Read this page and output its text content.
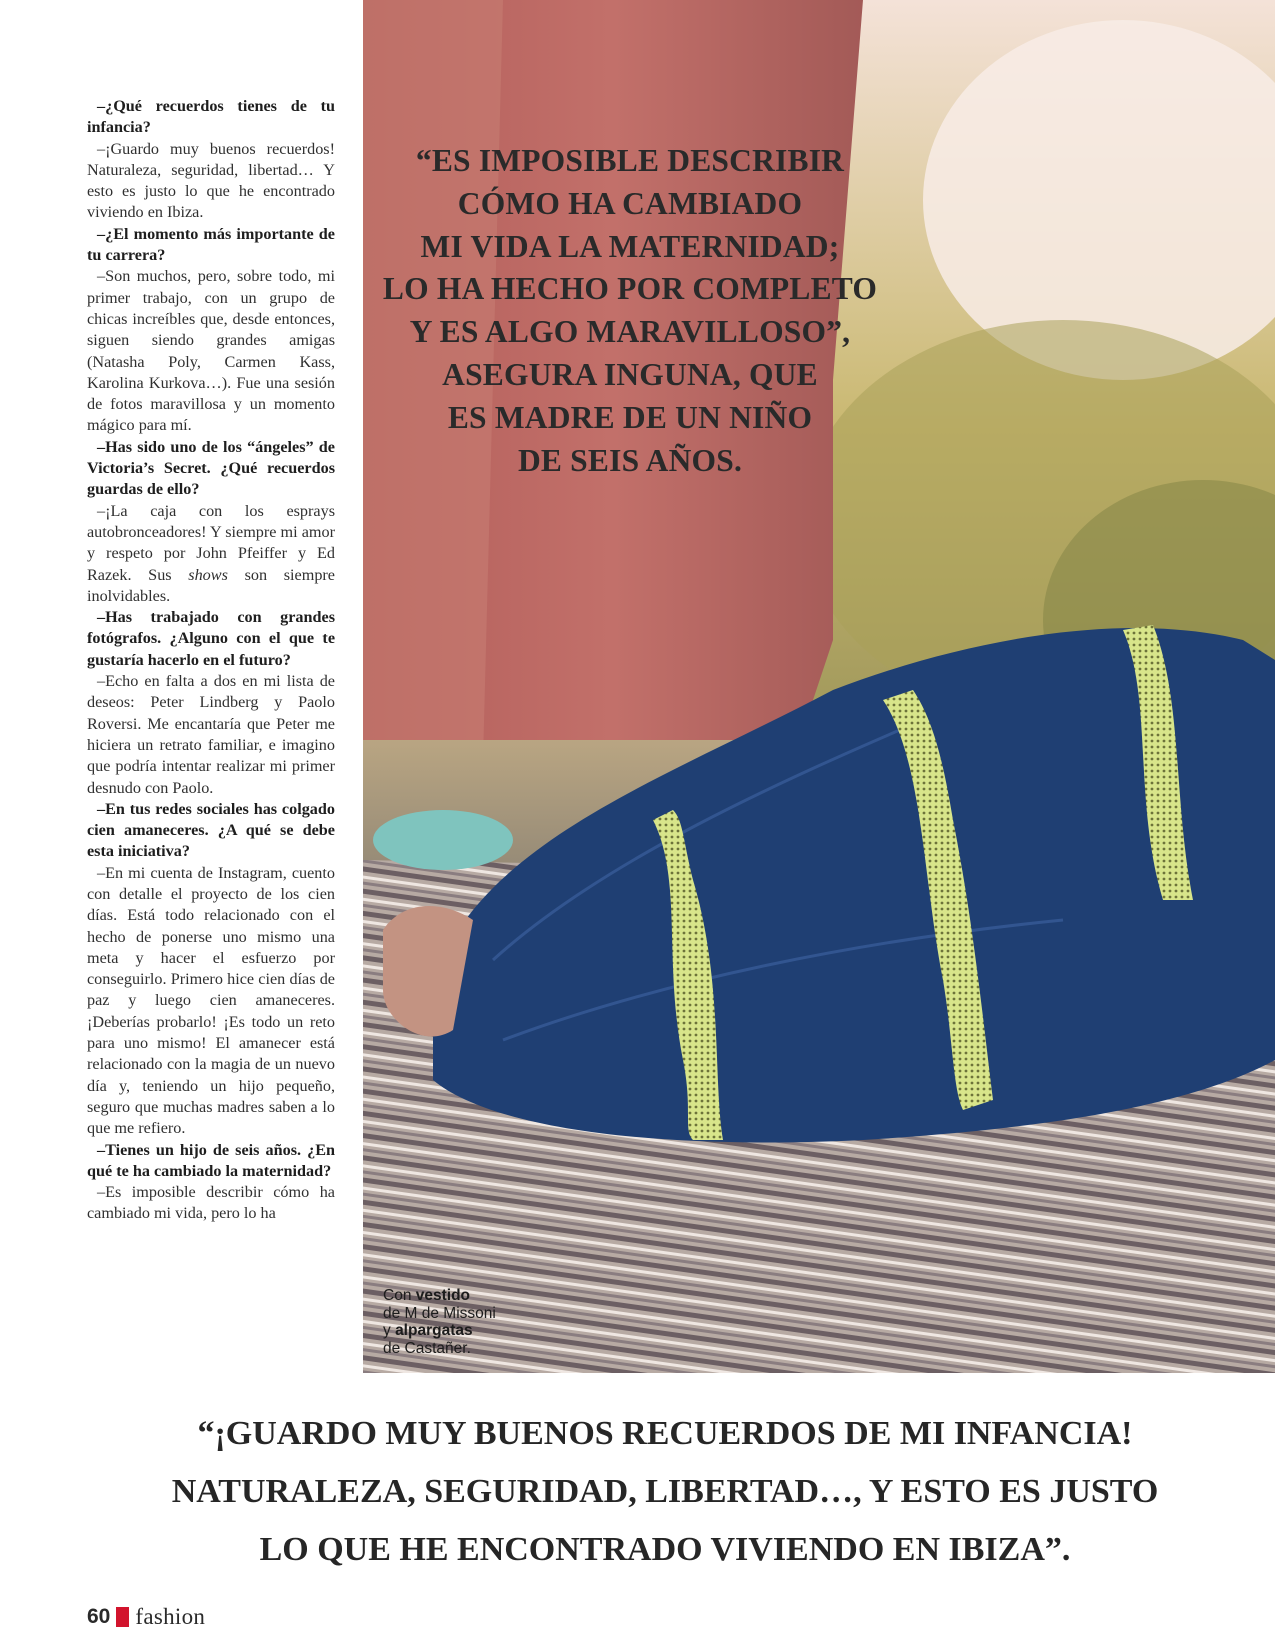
–¿Qué recuerdos tienes de tu infancia?

–¡Guardo muy buenos recuerdos! Naturaleza, seguridad, libertad… Y esto es justo lo que he encontrado viviendo en Ibiza.

–¿El momento más importante de tu carrera?

–Son muchos, pero, sobre todo, mi primer trabajo, con un grupo de chicas increíbles que, desde entonces, siguen siendo grandes amigas (Natasha Poly, Carmen Kass, Karolina Kurkova…). Fue una sesión de fotos maravillosa y un momento mágico para mí.

–Has sido uno de los “ángeles” de Victoria’s Secret. ¿Qué recuerdos guardas de ello?

–¡La caja con los esprays autobronceadores! Y siempre mi amor y respeto por John Pfeiffer y Ed Razek. Sus shows son siempre inolvidables.

–Has trabajado con grandes fotógrafos. ¿Alguno con el que te gustaría hacerlo en el futuro?

–Echo en falta a dos en mi lista de deseos: Peter Lindberg y Paolo Roversi. Me encantaría que Peter me hiciera un retrato familiar, e imagino que podría intentar realizar mi primer desnudo con Paolo.

–En tus redes sociales has colgado cien amaneceres. ¿A qué se debe esta iniciativa?

–En mi cuenta de Instagram, cuento con detalle el proyecto de los cien días. Está todo relacionado con el hecho de ponerse uno mismo una meta y hacer el esfuerzo por conseguirlo. Primero hice cien días de paz y luego cien amaneceres. ¡Deberías probarlo! ¡Es todo un reto para uno mismo! El amanecer está relacionado con la magia de un nuevo día y, teniendo un hijo pequeño, seguro que muchas madres saben a lo que me refiero.

–Tienes un hijo de seis años. ¿En qué te ha cambiado la maternidad?

–Es imposible describir cómo ha cambiado mi vida, pero lo ha

“ES IMPOSIBLE DESCRIBIR
CÓMO HA CAMBIADO
MI VIDA LA MATERNIDAD;
LO HA HECHO POR COMPLETO
Y ES ALGO MARAVILLOSO”,
ASEGURA INGUNA, QUE
ES MADRE DE UN NIÑO
DE SEIS AÑOS.
Con vestido
de M de Missoni
y alpargatas
de Castañer.
“¡GUARDO MUY BUENOS RECUERDOS DE MI INFANCIA!
NATURALEZA, SEGURIDAD, LIBERTAD…, Y ESTO ES JUSTO
LO QUE HE ENCONTRADO VIVIENDO EN IBIZA”.
60 fashion
